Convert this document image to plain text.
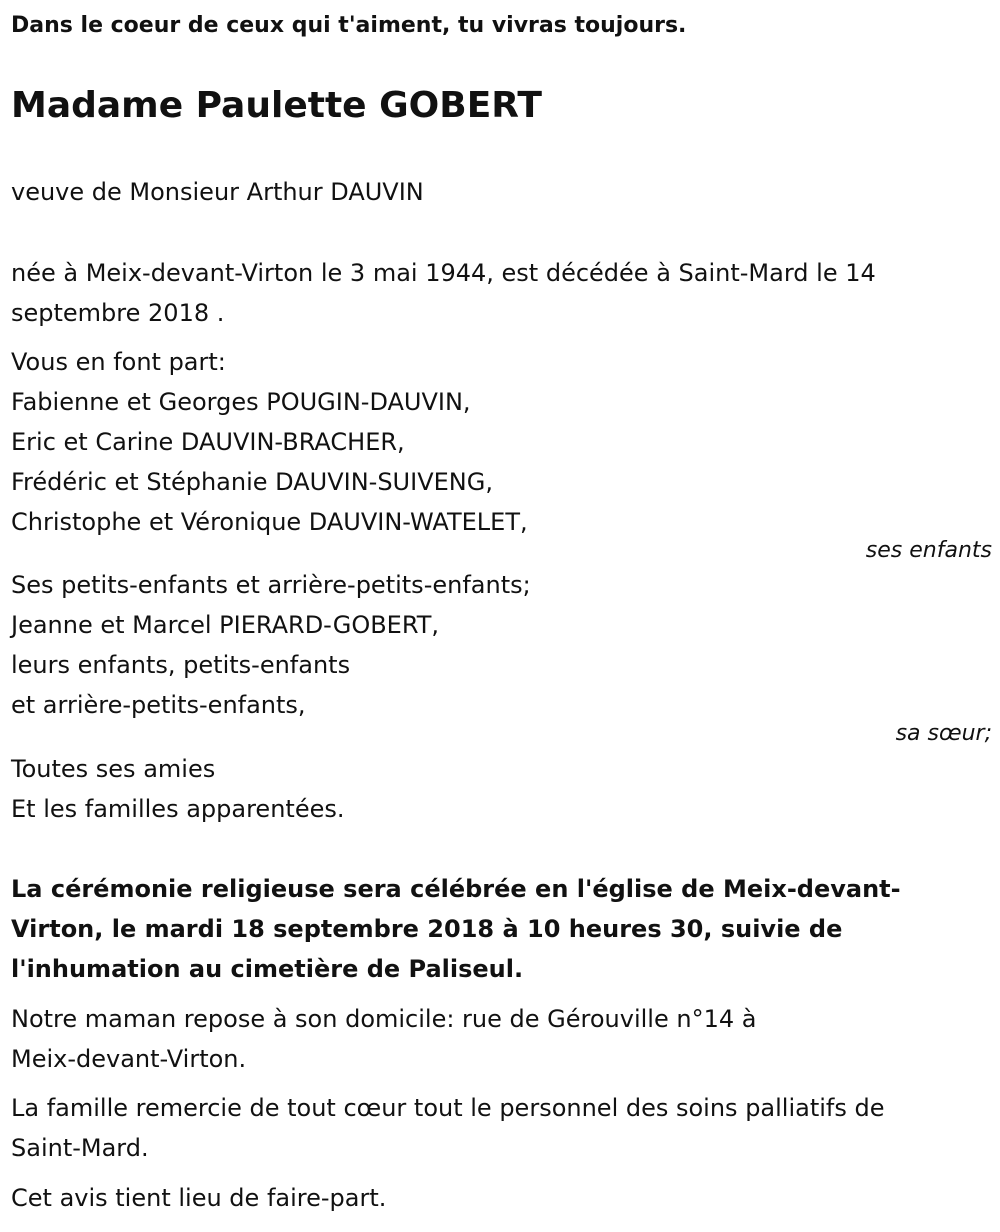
Dans le coeur de ceux qui t'aiment, tu vivras toujours.

Madame Paulette GOBERT

veuve de Monsieur Arthur DAUVIN

née à Meix-devant-Virton le 3 mai 1944, est décédée à Saint-Mard le 14

septembre 2018 .

Vous en font part:

Fabienne et Georges POUGIN-DAUVIN,

Eric et Carine DAUVIN-BRACHER,

Frédéric et Stéphanie DAUVIN-SUIVENG,

Christophe et Véronique DAUVIN-WATELET,

ses enfants

Ses petits-enfants et arrière-petits-enfants;

Jeanne et Marcel PIERARD-GOBERT,

leurs enfants, petits-enfants

et arrière-petits-enfants,

sa sœur;

Toutes ses amies

Et les familles apparentées.

La cérémonie religieuse sera célébrée en l'église de Meix-devant-

Virton, le mardi 18 septembre 2018 à 10 heures 30, suivie de

l'inhumation au cimetière de Paliseul.

Notre maman repose à son domicile: rue de Gérouville n°14 à

Meix-devant-Virton.

La famille remercie de tout cœur tout le personnel des soins palliatifs de

Saint-Mard.

Cet avis tient lieu de faire-part.
